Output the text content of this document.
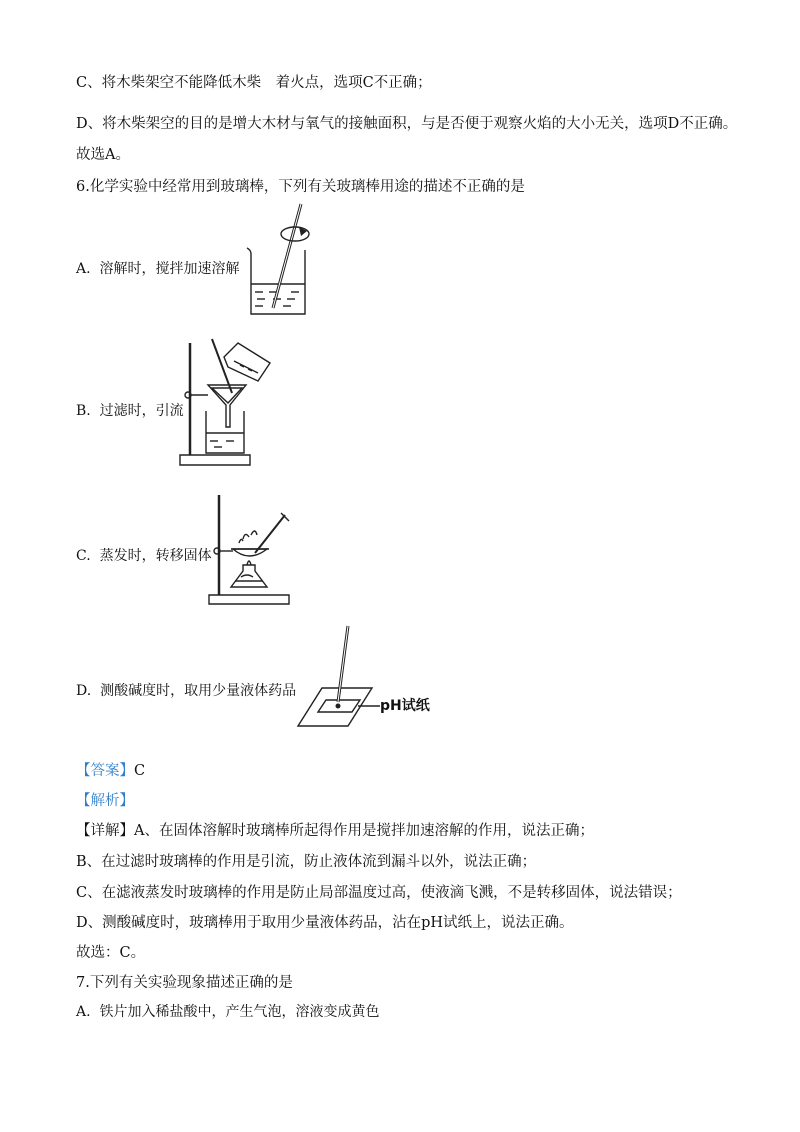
C、将木柴架空不能降低木柴　着火点，选项C不正确；
D、将木柴架空的目的是增大木材与氧气的接触面积，与是否便于观察火焰的大小无关，选项D不正确。
故选A。
6.化学实验中经常用到玻璃棒，下列有关玻璃棒用途的描述不正确的是
A. 溶解时，搅拌加速溶解
B. 过滤时，引流
C. 蒸发时，转移固体
D. 测酸碱度时，取用少量液体药品
pH试纸
【答案】C
【解析】
【详解】A、在固体溶解时玻璃棒所起得作用是搅拌加速溶解的作用，说法正确；
B、在过滤时玻璃棒的作用是引流，防止液体流到漏斗以外，说法正确；
C、在滤液蒸发时玻璃棒的作用是防止局部温度过高，使液滴飞溅，不是转移固体，说法错误；
D、测酸碱度时，玻璃棒用于取用少量液体药品，沾在pH试纸上，说法正确。
故选：C。
7.下列有关实验现象描述正确的是
A. 铁片加入稀盐酸中，产生气泡，溶液变成黄色
